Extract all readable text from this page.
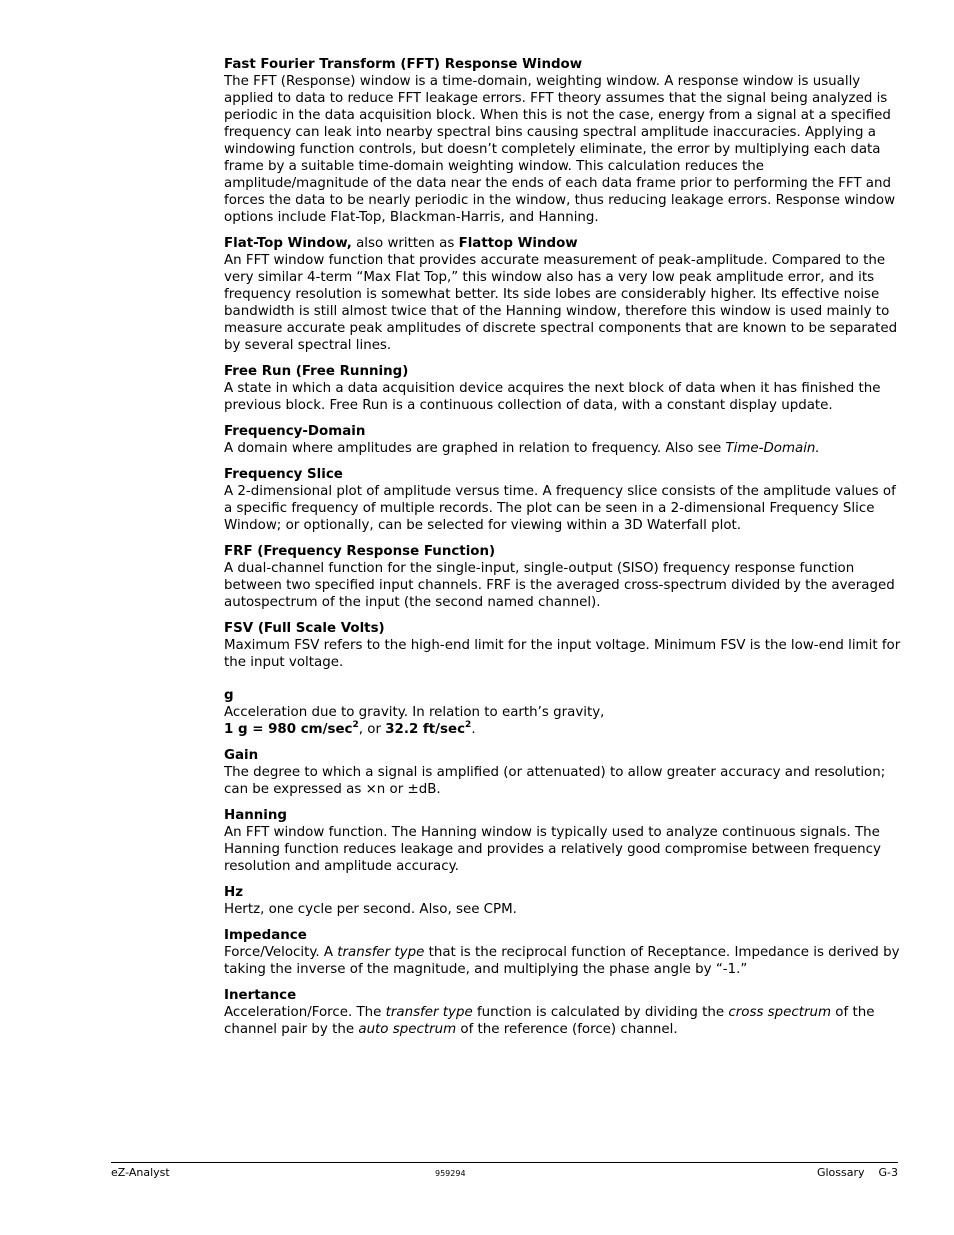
Fast Fourier Transform (FFT) Response Window
The FFT (Response) window is a time-domain, weighting window. A response window is usually applied to data to reduce FFT leakage errors. FFT theory assumes that the signal being analyzed is periodic in the data acquisition block. When this is not the case, energy from a signal at a specified frequency can leak into nearby spectral bins causing spectral amplitude inaccuracies. Applying a windowing function controls, but doesn’t completely eliminate, the error by multiplying each data frame by a suitable time-domain weighting window. This calculation reduces the amplitude/magnitude of the data near the ends of each data frame prior to performing the FFT and forces the data to be nearly periodic in the window, thus reducing leakage errors. Response window options include Flat-Top, Blackman-Harris, and Hanning.
Flat-Top Window, also written as Flattop Window
An FFT window function that provides accurate measurement of peak-amplitude. Compared to the very similar 4-term “Max Flat Top,” this window also has a very low peak amplitude error, and its frequency resolution is somewhat better. Its side lobes are considerably higher. Its effective noise bandwidth is still almost twice that of the Hanning window, therefore this window is used mainly to measure accurate peak amplitudes of discrete spectral components that are known to be separated by several spectral lines.
Free Run (Free Running)
A state in which a data acquisition device acquires the next block of data when it has finished the previous block. Free Run is a continuous collection of data, with a constant display update.
Frequency-Domain
A domain where amplitudes are graphed in relation to frequency. Also see Time-Domain.
Frequency Slice
A 2-dimensional plot of amplitude versus time. A frequency slice consists of the amplitude values of a specific frequency of multiple records. The plot can be seen in a 2-dimensional Frequency Slice Window; or optionally, can be selected for viewing within a 3D Waterfall plot.
FRF (Frequency Response Function)
A dual-channel function for the single-input, single-output (SISO) frequency response function between two specified input channels. FRF is the averaged cross-spectrum divided by the averaged autospectrum of the input (the second named channel).
FSV (Full Scale Volts)
Maximum FSV refers to the high-end limit for the input voltage. Minimum FSV is the low-end limit for the input voltage.
g
Acceleration due to gravity. In relation to earth’s gravity,
1 g = 980 $cm/\sec^2$, or 32.2 $ft/\sec^2$.
Gain
The degree to which a signal is amplified (or attenuated) to allow greater accuracy and resolution; can be expressed as ×n or ±dB.
Hanning
An FFT window function. The Hanning window is typically used to analyze continuous signals. The Hanning function reduces leakage and provides a relatively good compromise between frequency resolution and amplitude accuracy.
Hz
Hertz, one cycle per second. Also, see CPM.
Impedance
Force/Velocity. A transfer type that is the reciprocal function of Receptance. Impedance is derived by taking the inverse of the magnitude, and multiplying the phase angle by “-1.”
Inertance
Acceleration/Force. The transfer type function is calculated by dividing the cross spectrum of the channel pair by the auto spectrum of the reference (force) channel.
eZ-Analyst	959294	Glossary    G-3
